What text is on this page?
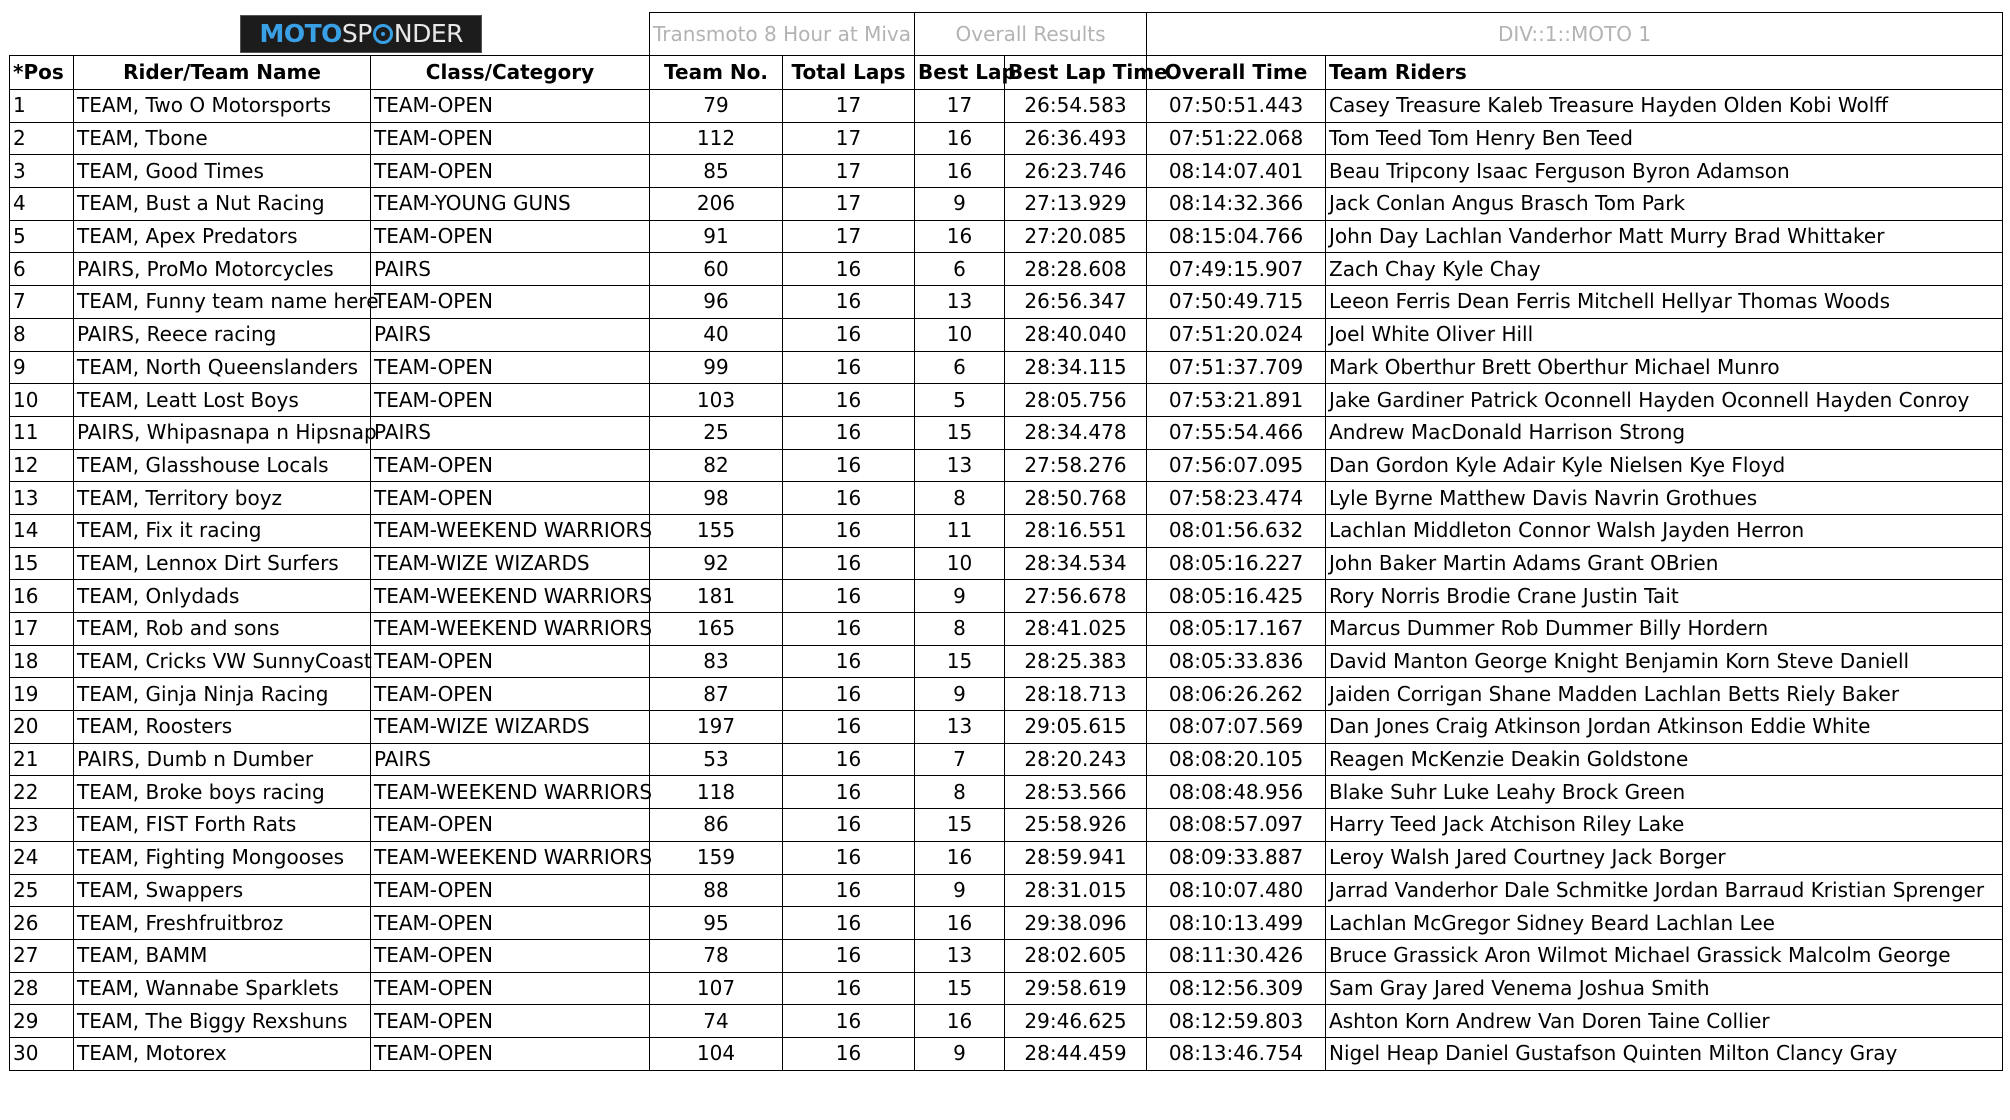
	MOTO SP NDER		Transmoto 8 Hour at Miva		Overall Results		DIV::1::MOTO 1	
*Pos	Rider/Team Name	Class/Category	Team No.	Total Laps	Best Lap	Best Lap Time	Overall Time	Team Riders
1	TEAM, Two O Motorsports	TEAM-OPEN	79	17	17	26:54.583	07:50:51.443	Casey Treasure Kaleb Treasure Hayden Olden Kobi Wolff
2	TEAM, Tbone	TEAM-OPEN	112	17	16	26:36.493	07:51:22.068	Tom Teed Tom Henry Ben Teed
3	TEAM, Good Times	TEAM-OPEN	85	17	16	26:23.746	08:14:07.401	Beau Tripcony Isaac Ferguson Byron Adamson
4	TEAM, Bust a Nut Racing	TEAM-YOUNG GUNS	206	17	9	27:13.929	08:14:32.366	Jack Conlan Angus Brasch Tom Park
5	TEAM, Apex Predators	TEAM-OPEN	91	17	16	27:20.085	08:15:04.766	John Day Lachlan Vanderhor Matt Murry Brad Whittaker
6	PAIRS, ProMo Motorcycles	PAIRS	60	16	6	28:28.608	07:49:15.907	Zach Chay Kyle Chay
7	TEAM, Funny team name here	TEAM-OPEN	96	16	13	26:56.347	07:50:49.715	Leeon Ferris Dean Ferris Mitchell Hellyar Thomas Woods
8	PAIRS, Reece racing	PAIRS	40	16	10	28:40.040	07:51:20.024	Joel White Oliver Hill
9	TEAM, North Queenslanders	TEAM-OPEN	99	16	6	28:34.115	07:51:37.709	Mark Oberthur Brett Oberthur Michael Munro
10	TEAM, Leatt Lost Boys	TEAM-OPEN	103	16	5	28:05.756	07:53:21.891	Jake Gardiner Patrick Oconnell Hayden Oconnell Hayden Conroy
11	PAIRS, Whipasnapa n Hipsnap	PAIRS	25	16	15	28:34.478	07:55:54.466	Andrew MacDonald Harrison Strong
12	TEAM, Glasshouse Locals	TEAM-OPEN	82	16	13	27:58.276	07:56:07.095	Dan Gordon Kyle Adair Kyle Nielsen Kye Floyd
13	TEAM, Territory boyz	TEAM-OPEN	98	16	8	28:50.768	07:58:23.474	Lyle Byrne Matthew Davis Navrin Grothues
14	TEAM, Fix it racing	TEAM-WEEKEND WARRIORS	155	16	11	28:16.551	08:01:56.632	Lachlan Middleton Connor Walsh Jayden Herron
15	TEAM, Lennox Dirt Surfers	TEAM-WIZE WIZARDS	92	16	10	28:34.534	08:05:16.227	John Baker Martin Adams Grant OBrien
16	TEAM, Onlydads	TEAM-WEEKEND WARRIORS	181	16	9	27:56.678	08:05:16.425	Rory Norris Brodie Crane Justin Tait
17	TEAM, Rob and sons	TEAM-WEEKEND WARRIORS	165	16	8	28:41.025	08:05:17.167	Marcus Dummer Rob Dummer Billy Hordern
18	TEAM, Cricks VW SunnyCoast	TEAM-OPEN	83	16	15	28:25.383	08:05:33.836	David Manton George Knight Benjamin Korn Steve Daniell
19	TEAM, Ginja Ninja Racing	TEAM-OPEN	87	16	9	28:18.713	08:06:26.262	Jaiden Corrigan Shane Madden Lachlan Betts Riely Baker
20	TEAM, Roosters	TEAM-WIZE WIZARDS	197	16	13	29:05.615	08:07:07.569	Dan Jones Craig Atkinson Jordan Atkinson Eddie White
21	PAIRS, Dumb n Dumber	PAIRS	53	16	7	28:20.243	08:08:20.105	Reagen McKenzie Deakin Goldstone
22	TEAM, Broke boys racing	TEAM-WEEKEND WARRIORS	118	16	8	28:53.566	08:08:48.956	Blake Suhr Luke Leahy Brock Green
23	TEAM, FIST Forth Rats	TEAM-OPEN	86	16	15	25:58.926	08:08:57.097	Harry Teed Jack Atchison Riley Lake
24	TEAM, Fighting Mongooses	TEAM-WEEKEND WARRIORS	159	16	16	28:59.941	08:09:33.887	Leroy Walsh Jared Courtney Jack Borger
25	TEAM, Swappers	TEAM-OPEN	88	16	9	28:31.015	08:10:07.480	Jarrad Vanderhor Dale Schmitke Jordan Barraud Kristian Sprenger
26	TEAM, Freshfruitbroz	TEAM-OPEN	95	16	16	29:38.096	08:10:13.499	Lachlan McGregor Sidney Beard Lachlan Lee
27	TEAM, BAMM	TEAM-OPEN	78	16	13	28:02.605	08:11:30.426	Bruce Grassick Aron Wilmot Michael Grassick Malcolm George
28	TEAM, Wannabe Sparklets	TEAM-OPEN	107	16	15	29:58.619	08:12:56.309	Sam Gray Jared Venema Joshua Smith
29	TEAM, The Biggy Rexshuns	TEAM-OPEN	74	16	16	29:46.625	08:12:59.803	Ashton Korn Andrew Van Doren Taine Collier
30	TEAM, Motorex	TEAM-OPEN	104	16	9	28:44.459	08:13:46.754	Nigel Heap Daniel Gustafson Quinten Milton Clancy Gray
